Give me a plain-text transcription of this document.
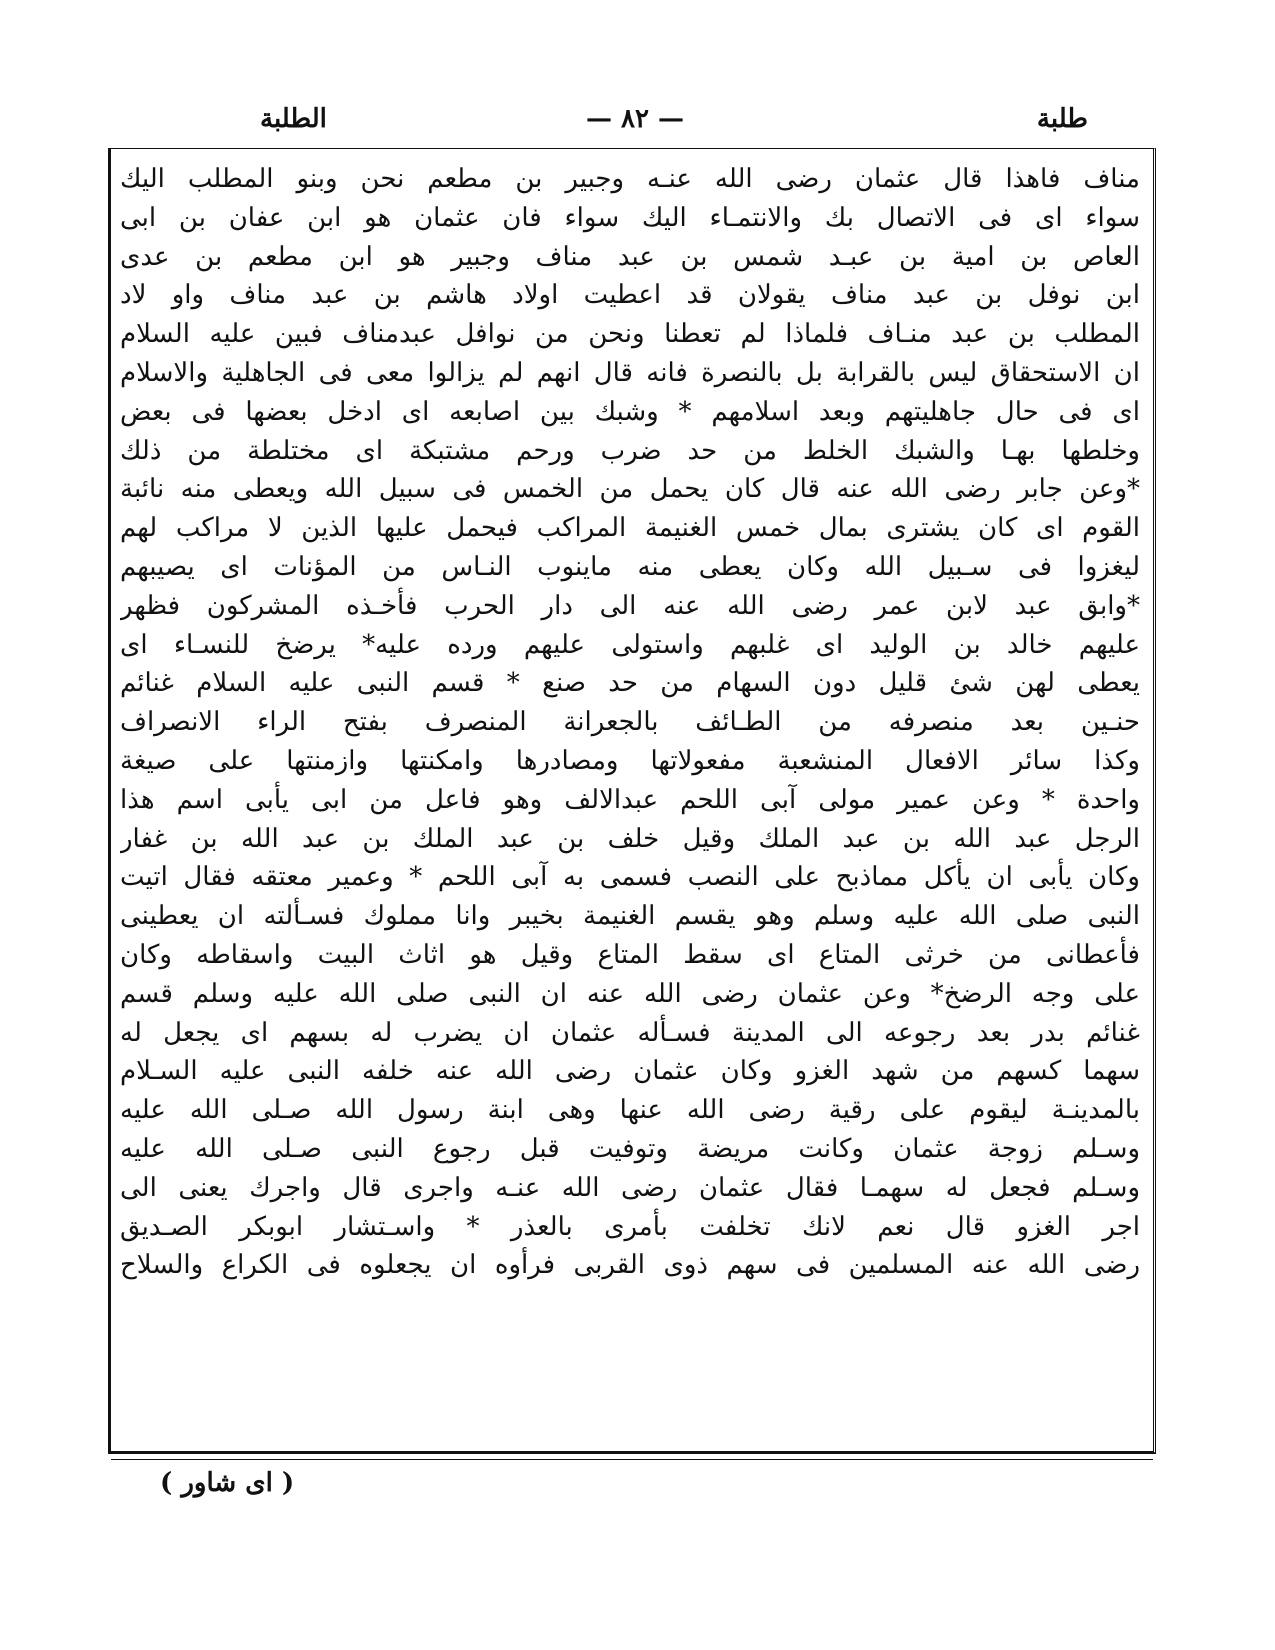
طلبة
— ٨٢ —
الطلبة
مناف فاهذا قال عثمان رضى الله عنـه وجبير بن مطعم نحن وبنو المطلب اليك
سواء اى فى الاتصال بك والانتمـاء اليك سواء فان عثمان هو ابن عفان بن ابى
العاص بن امية بن عبـد شمس بن عبد مناف وجبير هو ابن مطعم بن عدى
ابن نوفل بن عبد مناف يقولان قد اعطيت اولاد هاشم بن عبد مناف واو لاد
المطلب بن عبد منـاف فلماذا لم تعطنا ونحن من نوافل عبدمناف فبين عليه السلام
ان الاستحقاق ليس بالقرابة بل بالنصرة فانه قال انهم لم يزالوا معى فى الجاهلية والاسلام
اى فى حال جاهليتهم وبعد اسلامهم * وشبك بين اصابعه اى ادخل بعضها فى بعض
وخلطها بهـا والشبك الخلط من حد ضرب ورحم مشتبكة اى مختلطة من ذلك
*وعن جابر رضى الله عنه قال كان يحمل من الخمس فى سبيل الله ويعطى منه نائبة
القوم اى كان يشترى بمال خمس الغنيمة المراكب فيحمل عليها الذين لا مراكب لهم
ليغزوا فى سـبيل الله وكان يعطى منه ماينوب النـاس من المؤنات اى يصيبهم
*وابق عبد لابن عمر رضى الله عنه الى دار الحرب فأخـذه المشركون فظهر
عليهم خالد بن الوليد اى غلبهم واستولى عليهم ورده عليه* يرضخ للنسـاء اى
يعطى لهن شئ قليل دون السهام من حد صنع * قسم النبى عليه السلام غنائم
حنـين بعد منصرفه من الطـائف بالجعرانة المنصرف بفتح الراء الانصراف
وكذا سائر الافعال المنشعبة مفعولاتها ومصادرها وامكنتها وازمنتها على صيغة
واحدة * وعن عمير مولى آبى اللحم عبدالالف وهو فاعل من ابى يأبى اسم هذا
الرجل عبد الله بن عبد الملك وقيل خلف بن عبد الملك بن عبد الله بن غفار
وكان يأبى ان يأكل مماذبح على النصب فسمى به آبى اللحم * وعمير معتقه فقال اتيت
النبى صلى الله عليه وسلم وهو يقسم الغنيمة بخيبر وانا مملوك فسـألته ان يعطينى
فأعطانى من خرثى المتاع اى سقط المتاع وقيل هو اثاث البيت واسقاطه وكان
على وجه الرضخ* وعن عثمان رضى الله عنه ان النبى صلى الله عليه وسلم قسم
غنائم بدر بعد رجوعه الى المدينة فسـأله عثمان ان يضرب له بسهم اى يجعل له
سهما كسهم من شهد الغزو وكان عثمان رضى الله عنه خلفه النبى عليه السـلام
بالمدينـة ليقوم على رقية رضى الله عنها وهى ابنة رسول الله صـلى الله عليه
وسـلم زوجة عثمان وكانت مريضة وتوفيت قبل رجوع النبى صـلى الله عليه
وسـلم فجعل له سهمـا فقال عثمان رضى الله عنـه واجرى قال واجرك يعنى الى
اجر الغزو قال نعم لانك تخلفت بأمرى بالعذر * واسـتشار ابوبكر الصـديق
رضى الله عنه المسلمين فى سهم ذوى القربى فرأوه ان يجعلوه فى الكراع والسلاح
( اى شاور )
